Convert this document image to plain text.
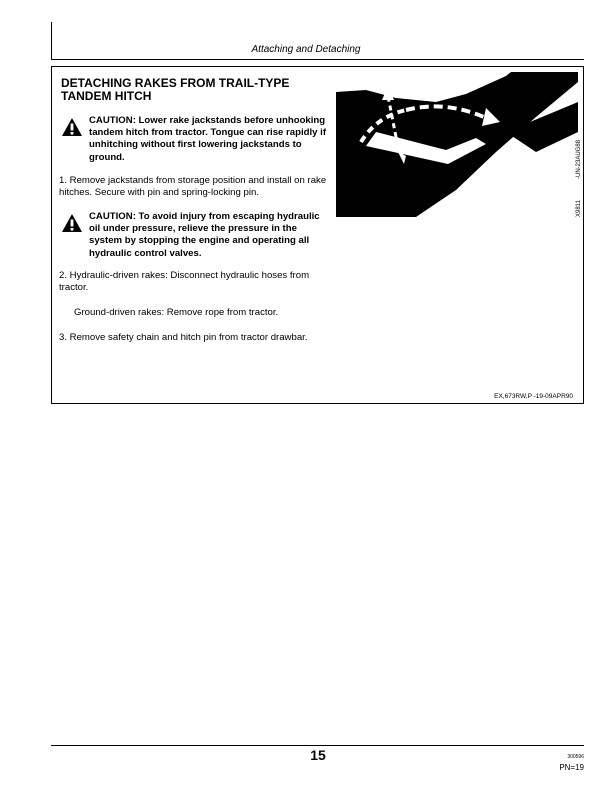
Attaching and Detaching
DETACHING RAKES FROM TRAIL-TYPE TANDEM HITCH
CAUTION: Lower rake jackstands before unhooking tandem hitch from tractor. Tongue can rise rapidly if unhitching without first lowering jackstands to ground.
1. Remove jackstands from storage position and install on rake hitches. Secure with pin and spring-locking pin.
CAUTION: To avoid injury from escaping hydraulic oil under pressure, relieve the pressure in the system by stopping the engine and operating all hydraulic control valves.
2. Hydraulic-driven rakes: Disconnect hydraulic hoses from tractor.
Ground-driven rakes: Remove rope from tractor.
3. Remove safety chain and hitch pin from tractor drawbar.
-UN-23AUG88
X9811
EX,673RW,P -19-09APR90
15	300596
PN=19
